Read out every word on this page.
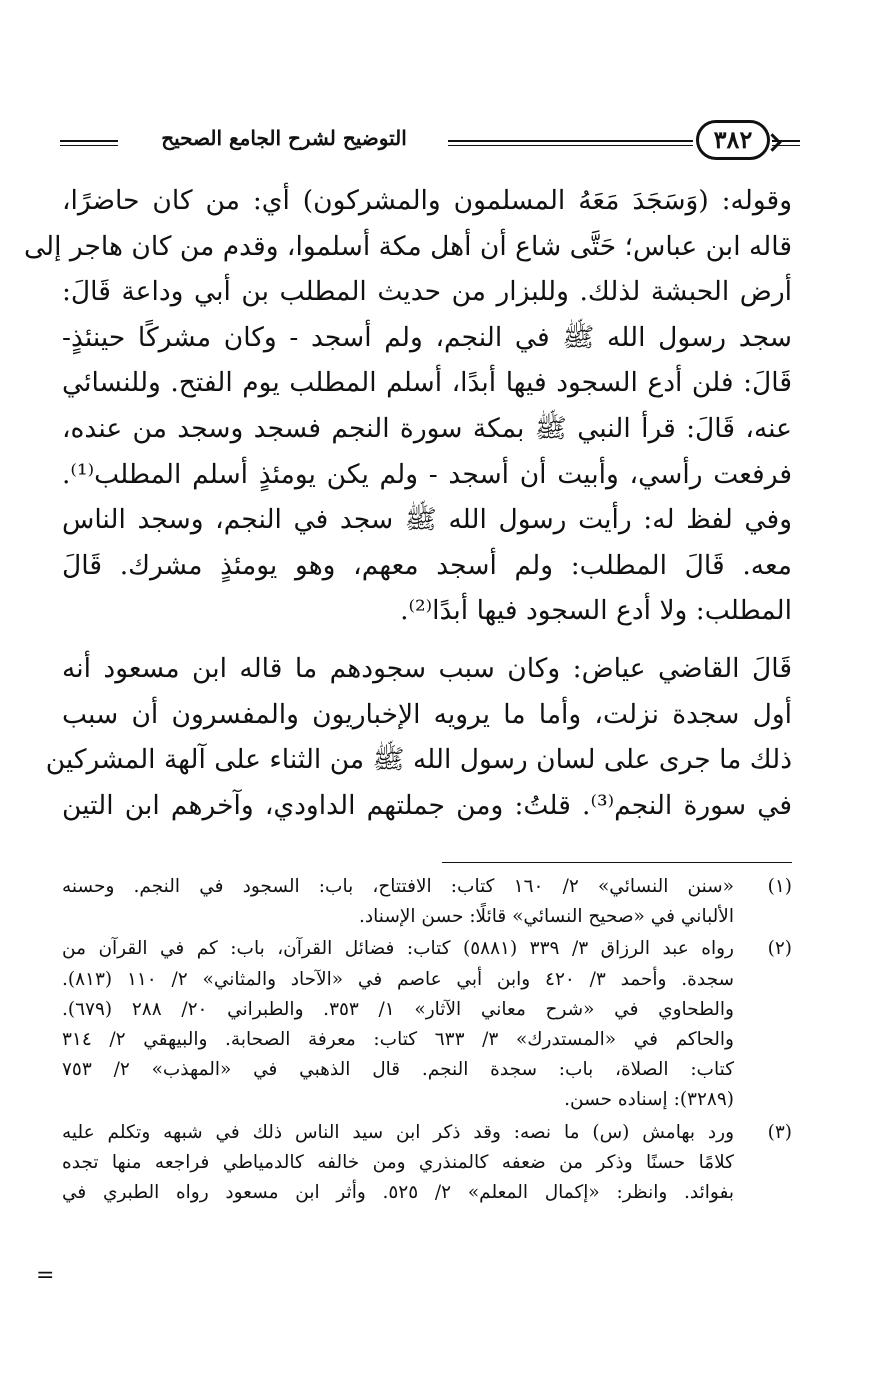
التوضيح لشرح الجامع الصحيح	٣٨٢
وقوله: (وَسَجَدَ مَعَهُ المسلمون والمشركون) أي: من كان حاضرًا،
قاله ابن عباس؛ حَتَّى شاع أن أهل مكة أسلموا، وقدم من كان هاجر إلى
أرض الحبشة لذلك. وللبزار من حديث المطلب بن أبي وداعة قَالَ:
سجد رسول الله ﷺ في النجم، ولم أسجد - وكان مشركًا حينئذٍ-
قَالَ: فلن أدع السجود فيها أبدًا، أسلم المطلب يوم الفتح. وللنسائي
عنه، قَالَ: قرأ النبي ﷺ بمكة سورة النجم فسجد وسجد من عنده،
فرفعت رأسي، وأبيت أن أسجد - ولم يكن يومئذٍ أسلم المطلب⁽¹⁾.
وفي لفظ له: رأيت رسول الله ﷺ سجد في النجم، وسجد الناس
معه. قَالَ المطلب: ولم أسجد معهم، وهو يومئذٍ مشرك. قَالَ
المطلب: ولا أدع السجود فيها أبدًا⁽²⁾.
قَالَ القاضي عياض: وكان سبب سجودهم ما قاله ابن مسعود أنه
أول سجدة نزلت، وأما ما يرويه الإخباريون والمفسرون أن سبب
ذلك ما جرى على لسان رسول الله ﷺ من الثناء على آلهة المشركين
في سورة النجم⁽³⁾. قلتُ: ومن جملتهم الداودي، وآخرهم ابن التين
(١)
«سنن النسائي» ٢/ ١٦٠ كتاب: الافتتاح، باب: السجود في النجم. وحسنه
الألباني في «صحيح النسائي» قائلًا: حسن الإسناد.
(٢)
رواه عبد الرزاق ٣/ ٣٣٩ (٥٨٨١) كتاب: فضائل القرآن، باب: كم في القرآن من
سجدة. وأحمد ٣/ ٤٢٠ وابن أبي عاصم في «الآحاد والمثاني» ٢/ ١١٠ (٨١٣).
والطحاوي في «شرح معاني الآثار» ١/ ٣٥٣. والطبراني ٢٠/ ٢٨٨ (٦٧٩).
والحاكم في «المستدرك» ٣/ ٦٣٣ كتاب: معرفة الصحابة. والبيهقي ٢/ ٣١٤
كتاب: الصلاة، باب: سجدة النجم. قال الذهبي في «المهذب» ٢/ ٧٥٣
(٣٢٨٩): إسناده حسن.
(٣)
ورد بهامش (س) ما نصه: وقد ذكر ابن سيد الناس ذلك في شبهه وتكلم عليه
كلامًا حسنًا وذكر من ضعفه كالمنذري ومن خالفه كالدمياطي فراجعه منها تجده
بفوائد. وانظر: «إكمال المعلم» ٢/ ٥٢٥. وأثر ابن مسعود رواه الطبري في
=
